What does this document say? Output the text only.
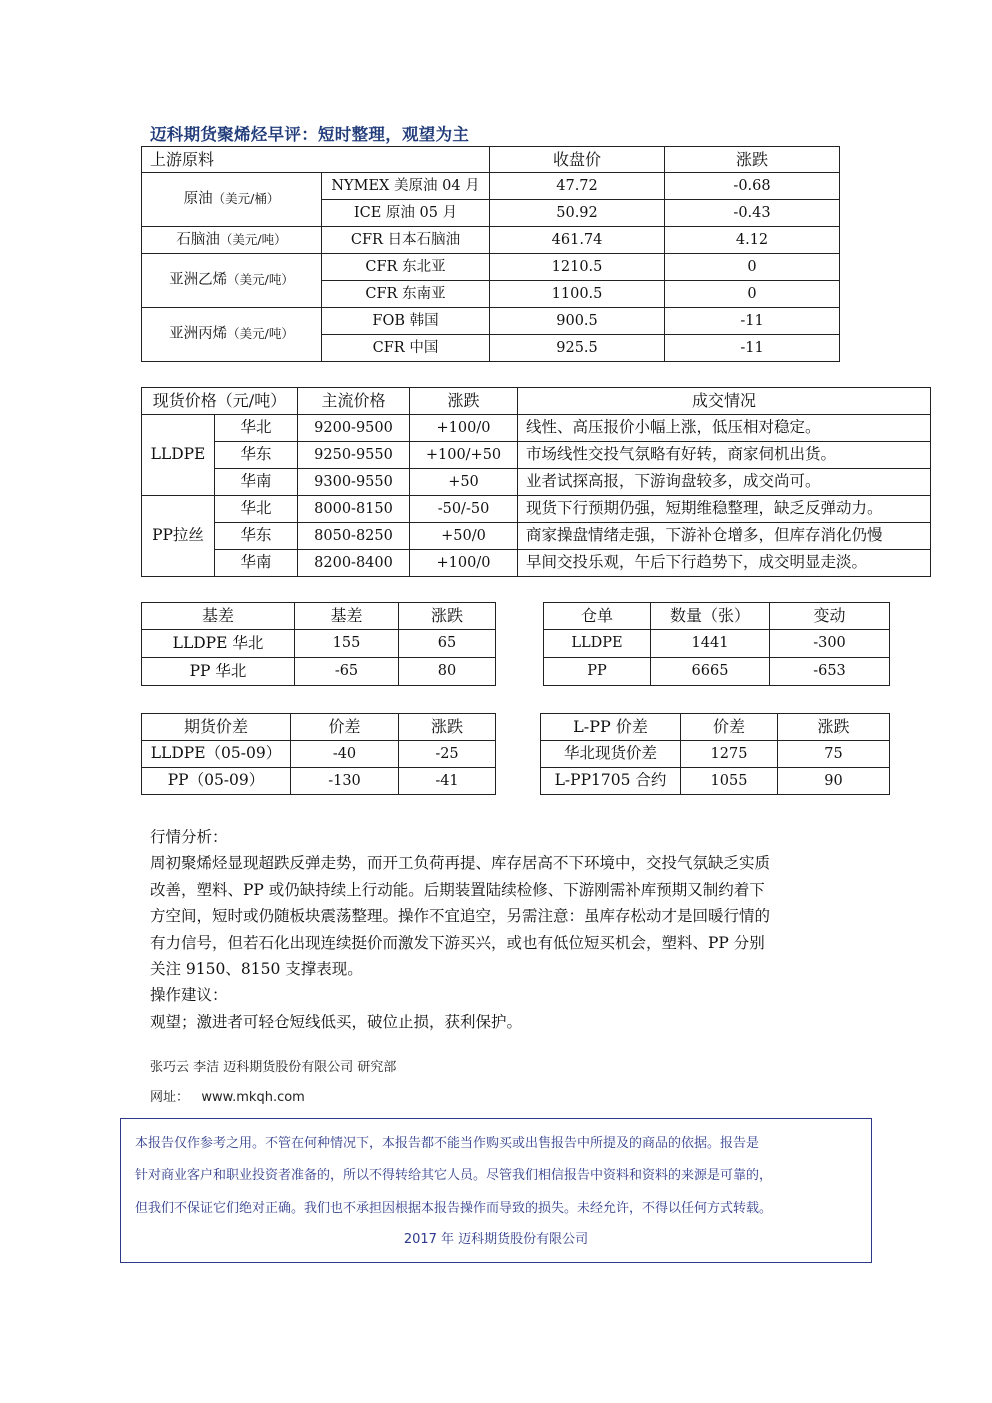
迈科期货聚烯烃早评：短时整理，观望为主
上游原料		收盘价	涨跌
原油（美元/桶）	NYMEX 美原油 04 月	47.72	-0.68
	ICE 原油 05 月	50.92	-0.43
石脑油（美元/吨）	CFR 日本石脑油	461.74	4.12
亚洲乙烯（美元/吨）	CFR 东北亚	1210.5	0
	CFR 东南亚	1100.5	0
亚洲丙烯（美元/吨）	FOB 韩国	900.5	-11
	CFR 中国	925.5	-11
现货价格（元/吨）		主流价格	涨跌	成交情况
LLDPE	华北	9200-9500	+100/0	线性、高压报价小幅上涨，低压相对稳定。
	华东	9250-9550	+100/+50	市场线性交投气氛略有好转，商家伺机出货。
	华南	9300-9550	+50	业者试探高报，下游询盘较多，成交尚可。
PP拉丝	华北	8000-8150	-50/-50	现货下行预期仍强，短期维稳整理，缺乏反弹动力。
	华东	8050-8250	+50/0	商家操盘情绪走强，下游补仓增多，但库存消化仍慢
	华南	8200-8400	+100/0	早间交投乐观，午后下行趋势下，成交明显走淡。
基差	基差	涨跌
LLDPE 华北	155	65
PP 华北	-65	80
仓单	数量（张）	变动
LLDPE	1441	-300
PP	6665	-653
期货价差	价差	涨跌
LLDPE（05-09）	-40	-25
PP（05-09）	-130	-41
L-PP 价差	价差	涨跌
华北现货价差	1275	75
L-PP1705 合约	1055	90

行情分析：

周初聚烯烃显现超跌反弹走势，而开工负荷再提、库存居高不下环境中，交投气氛缺乏实质

改善，塑料、PP 或仍缺持续上行动能。后期装置陆续检修、下游刚需补库预期又制约着下

方空间，短时或仍随板块震荡整理。操作不宜追空，另需注意：虽库存松动才是回暖行情的

有力信号，但若石化出现连续挺价而激发下游买兴，或也有低位短买机会，塑料、PP 分别

关注 9150、8150 支撑表现。

操作建议：

观望；激进者可轻仓短线低买，破位止损，获利保护。

张巧云 李洁 迈科期货股份有限公司 研究部
网址： www.mkqh.com
本报告仅作参考之用。不管在何种情况下，本报告都不能当作购买或出售报告中所提及的商品的依据。报告是
针对商业客户和职业投资者准备的，所以不得转给其它人员。尽管我们相信报告中资料和资料的来源是可靠的，
但我们不保证它们绝对正确。我们也不承担因根据本报告操作而导致的损失。未经允许，不得以任何方式转载。
2017 年 迈科期货股份有限公司
